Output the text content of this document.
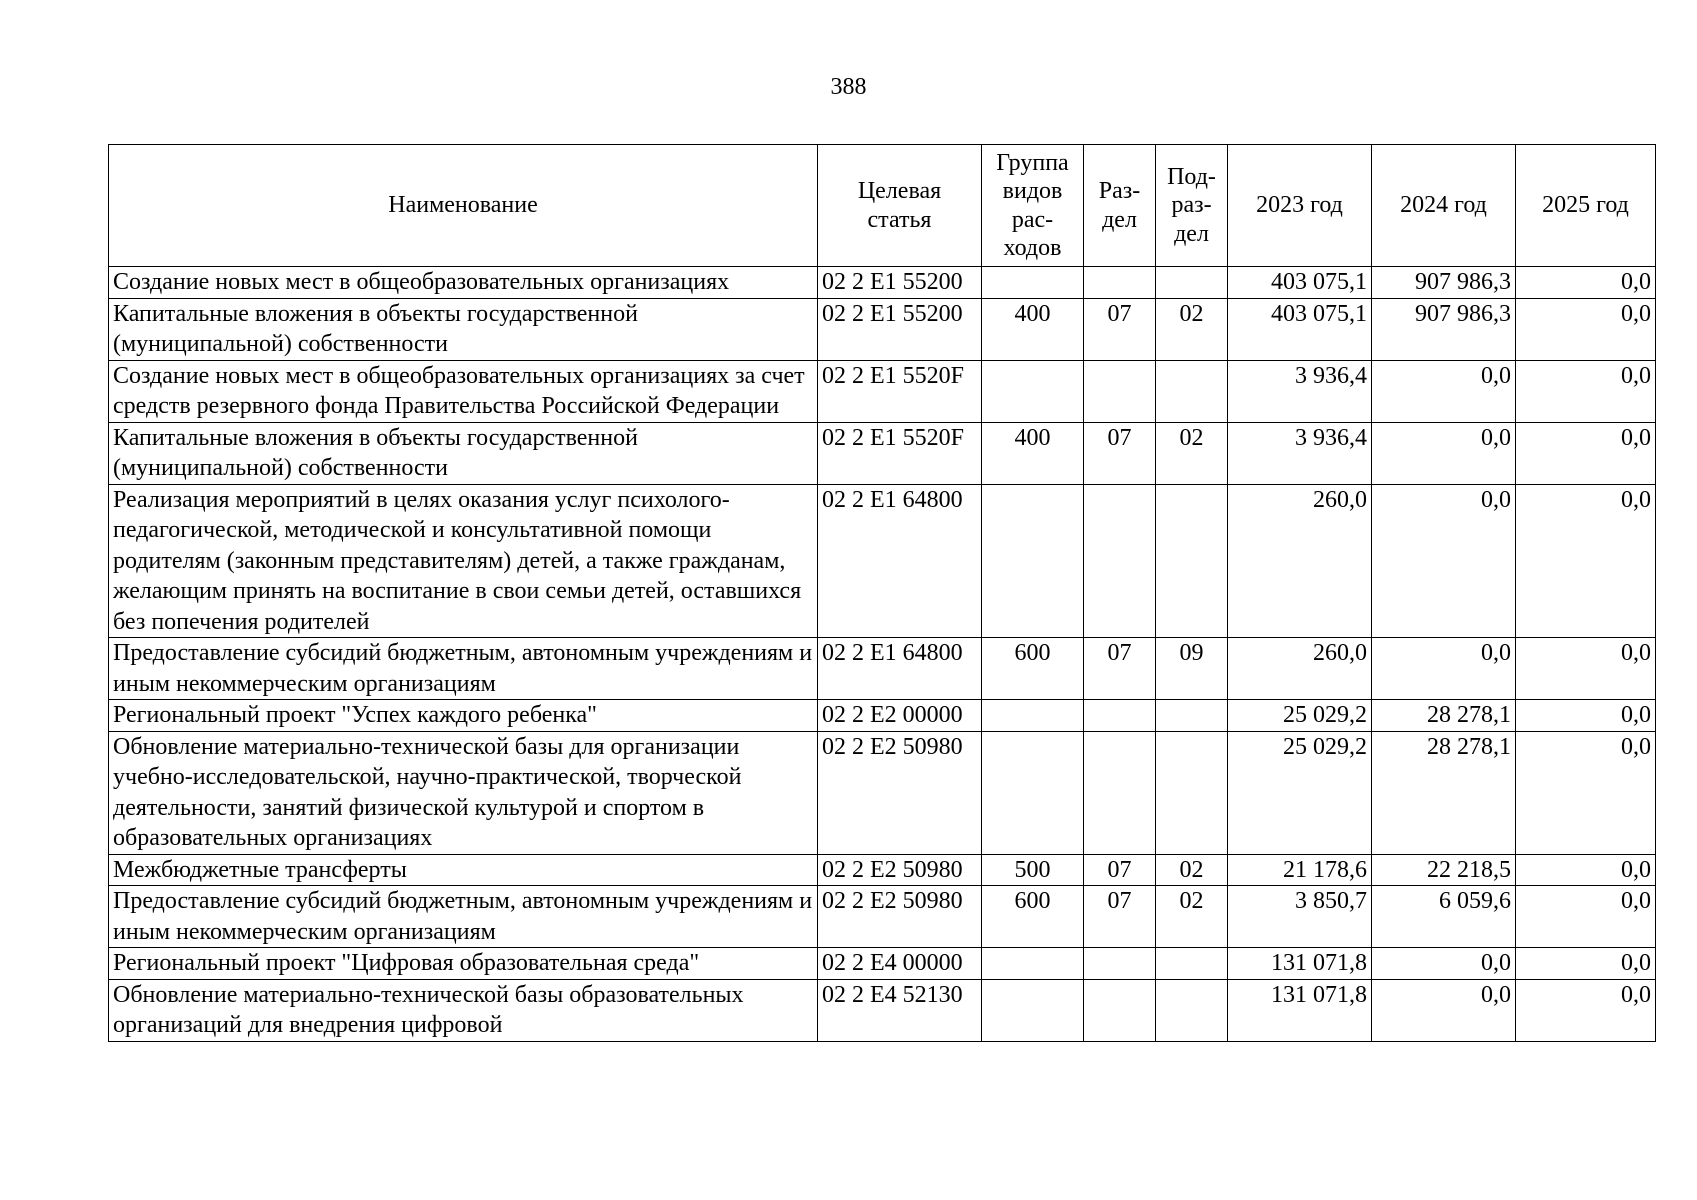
388
Наименование	Целевая статья	Группа видов рас-ходов	Раз-дел	Под-раз-дел	2023 год	2024 год	2025 год
Создание новых мест в общеобразовательных организациях	02 2 E1 55200				403 075,1	907 986,3	0,0
Капитальные вложения в объекты государственной (муниципальной) собственности	02 2 E1 55200	400	07	02	403 075,1	907 986,3	0,0
Создание новых мест в общеобразовательных организациях за счет средств резервного фонда Правительства Российской Федерации	02 2 E1 5520F				3 936,4	0,0	0,0
Капитальные вложения в объекты государственной (муниципальной) собственности	02 2 E1 5520F	400	07	02	3 936,4	0,0	0,0
Реализация мероприятий в целях оказания услуг психолого-педагогической, методической и консультативной помощи родителям (законным представителям) детей, а также гражданам, желающим принять на воспитание в свои семьи детей, оставшихся без попечения родителей	02 2 E1 64800				260,0	0,0	0,0
Предоставление субсидий бюджетным, автономным учреждениям и иным некоммерческим организациям	02 2 E1 64800	600	07	09	260,0	0,0	0,0
Региональный проект "Успех каждого ребенка"	02 2 E2 00000				25 029,2	28 278,1	0,0
Обновление материально-технической базы для организации учебно-исследовательской, научно-практической, творческой деятельности, занятий физической культурой и спортом в образовательных организациях	02 2 E2 50980				25 029,2	28 278,1	0,0
Межбюджетные трансферты	02 2 E2 50980	500	07	02	21 178,6	22 218,5	0,0
Предоставление субсидий бюджетным, автономным учреждениям и иным некоммерческим организациям	02 2 E2 50980	600	07	02	3 850,7	6 059,6	0,0
Региональный проект "Цифровая образовательная среда"	02 2 E4 00000				131 071,8	0,0	0,0
Обновление материально-технической базы образовательных организаций для внедрения цифровой	02 2 E4 52130				131 071,8	0,0	0,0
